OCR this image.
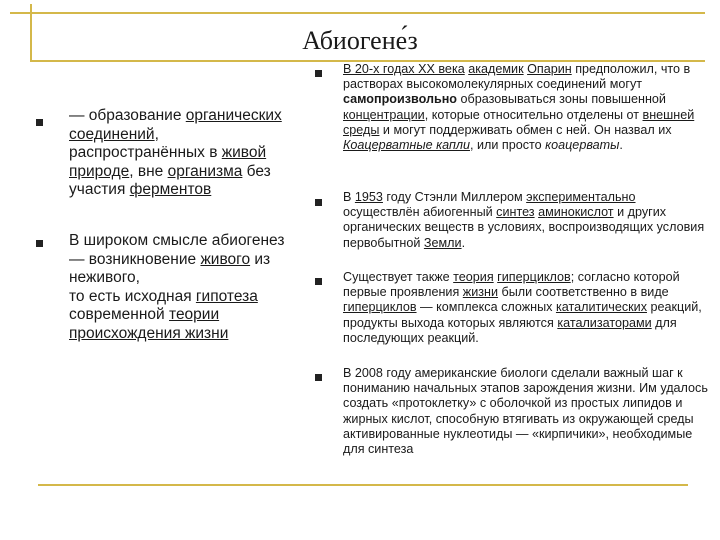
Абиогене́з
— образование органических соединений, распространённых в живой природе, вне организма без участия ферментов
В широком смысле абиогенез — возникновение живого из неживого,
то есть исходная гипотеза современной теории происхождения жизни
В 20-х годах XX века академик Опарин предположил, что в растворах высокомолекулярных соединений могут самопроизвольно образовываться зоны повышенной концентрации, которые относительно отделены от внешней среды и могут поддерживать обмен с ней. Он назвал их Коацерватные капли, или просто коацерваты.
В 1953 году Стэнли Миллером экспериментально осуществлён абиогенный синтез аминокислот и других органических веществ в условиях, воспроизводящих условия первобытной Земли.
Существует также теория гиперциклов; согласно которой первые проявления жизни были соответственно в виде гиперциклов — комплекса сложных каталитических реакций, продукты выхода которых являются катализаторами для последующих реакций.
В 2008 году американские биологи сделали важный шаг к пониманию начальных этапов зарождения жизни. Им удалось создать «протоклетку» с оболочкой из простых липидов и жирных кислот, способную втягивать из окружающей среды активированные нуклеотиды — «кирпичики», необходимые для синтеза
